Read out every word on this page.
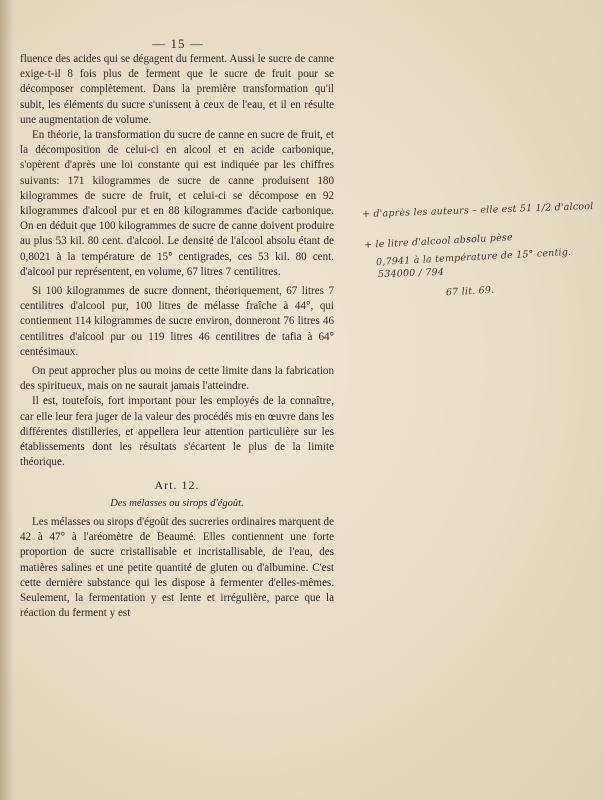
— 15 —

fluence des acides qui se dégagent du ferment. Aussi le sucre de canne exige-t-il 8 fois plus de ferment que le sucre de fruit pour se décomposer complètement. Dans la première transformation qu'il subit, les éléments du sucre s'unissent à ceux de l'eau, et il en résulte une augmentation de volume.

En théorie, la transformation du sucre de canne en sucre de fruit, et la décomposition de celui-ci en alcool et en acide carbonique, s'opèrent d'après une loi constante qui est indiquée par les chiffres suivants: 171 kilogrammes de sucre de canne produisent 180 kilogrammes de sucre de fruit, et celui-ci se décompose en 92 kilogrammes d'alcool pur et en 88 kilogrammes d'acide carbonique. On en déduit que 100 kilogrammes de sucre de canne doivent produire au plus 53 kil. 80 cent. d'alcool. Le densité de l'alcool absolu étant de 0,8021 à la température de 15° centigrades, ces 53 kil. 80 cent. d'alcool pur représentent, en volume, 67 litres 7 centilitres.

Si 100 kilogrammes de sucre donnent, théoriquement, 67 litres 7 centilitres d'alcool pur, 100 litres de mélasse fraîche à 44°, qui contiennent 114 kilogrammes de sucre environ, donneront 76 litres 46 centilitres d'alcool pur ou 119 litres 46 centilitres de tafia à 64° centésimaux.

On peut approcher plus ou moins de cette limite dans la fabrication des spiritueux, mais on ne saurait jamais l'atteindre.

Il est, toutefois, fort important pour les employés de la connaître, car elle leur fera juger de la valeur des procédés mis en œuvre dans les différentes distilleries, et appellera leur attention particulière sur les établissements dont les résultats s'écartent le plus de la limite théorique.

Art. 12.
Des mélasses ou sirops d'égoût.

Les mélasses ou sirops d'égoût des sucreries ordinaires marquent de 42 à 47° à l'aréomètre de Beaumé. Elles contiennent une forte proportion de sucre cristallisable et incristallisable, de l'eau, des matières salines et une petite quantité de gluten ou d'albumine. C'est cette dernière substance qui les dispose à fermenter d'elles-mêmes. Seulement, la fermentation y est lente et irrégulière, parce que la réaction du ferment y est

+ d'après les auteurs – elle est 51 1/2 d'alcool
+ le litre d'alcool absolu pèse
0,7941 à la température de 15° centig.
534000 / 794
67 lit. 69.
